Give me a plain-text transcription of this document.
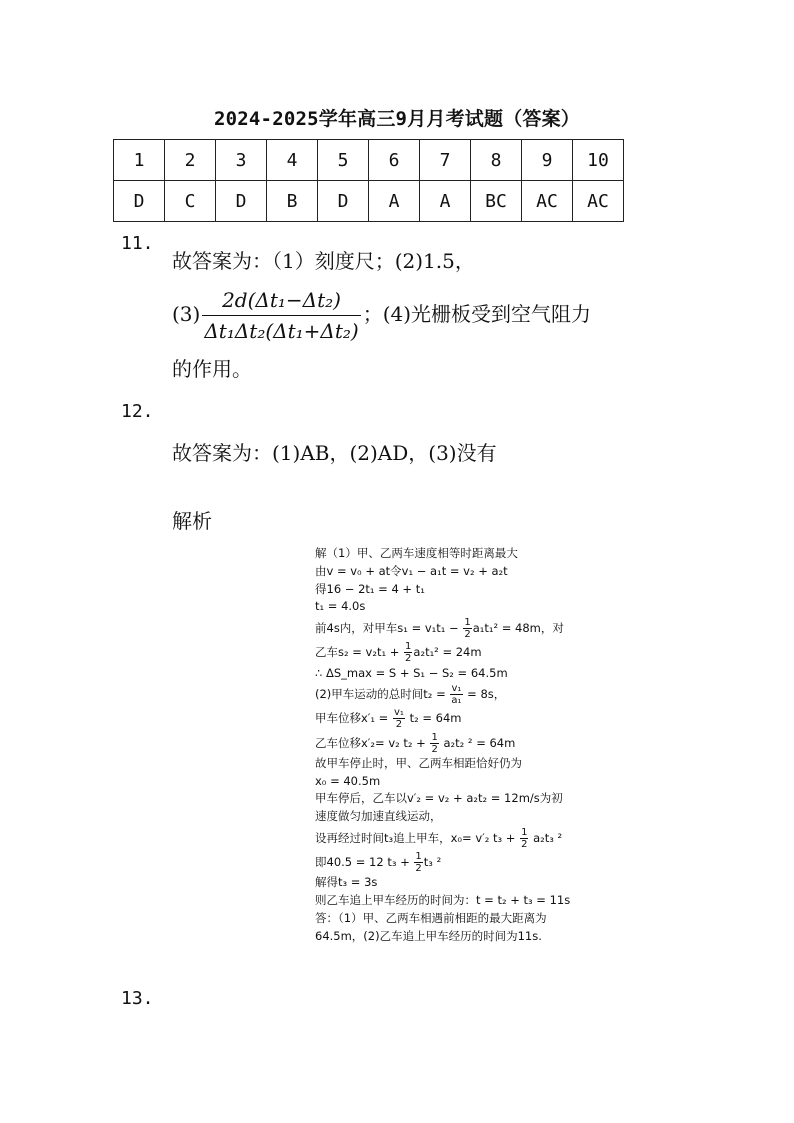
2024-2025学年高三9月月考试题（答案）
1	2	3	4	5	6	7	8	9	10
D	C	D	B	D	A	A	BC	AC	AC
11.
故答案为：（1）刻度尺；(2)1.5，
$(3) \frac{\text{2d(Δt₁−Δt₂)}}{\text{Δt₁Δt₂(Δt₁+Δt₂)}}$ ；(4)光栅板受到空气阻力
的作用。
12.
故答案为：(1)AB，(2)AD，(3)没有
解析
解（1）甲、乙两车速度相等时距离最大
由v = v₀ + at令v₁ − a₁t = v₂ + a₂t
得16 − 2t₁ = 4 + t₁
t₁ = 4.0s
前4s内，对甲车$s_1 = v_1t_1 - \frac{1}{2} a_1t_1^2 = 48m$，对
乙车$s_2 = v_2t_1 + \frac{1}{2} a_2t_1^2 = 24m$
∴ ΔS_max = S + S₁ − S₂ = 64.5m
(2)甲车运动的总时间$t_2 = \frac{\text{v₁}}{\text{a₁}} = 8s$，
甲车位移$x'_1 = \frac{\text{v₁}}{2} t_2 = 64m$
乙车位移x′₂= v₂ $t_2 + \frac{1}{2} a_2t_2$ ² = 64m
故甲车停止时，甲、乙两车相距恰好仍为
x₀ = 40.5m
甲车停后，乙车以v′₂ = v₂ + a₂t₂ = 12m/s为初
速度做匀加速直线运动，
设再经过时间t₃追上甲车，x₀= v′₂ $t_3 + \frac{1}{2} a_2t_3$ ²
即40.5 = 12 $t_3 + \frac{1}{2} t_3$ ²
解得t₃ = 3s
则乙车追上甲车经历的时间为：t = t₂ + t₃ = 11s
答：（1）甲、乙两车相遇前相距的最大距离为
64.5m，(2)乙车追上甲车经历的时间为11s.
13.
